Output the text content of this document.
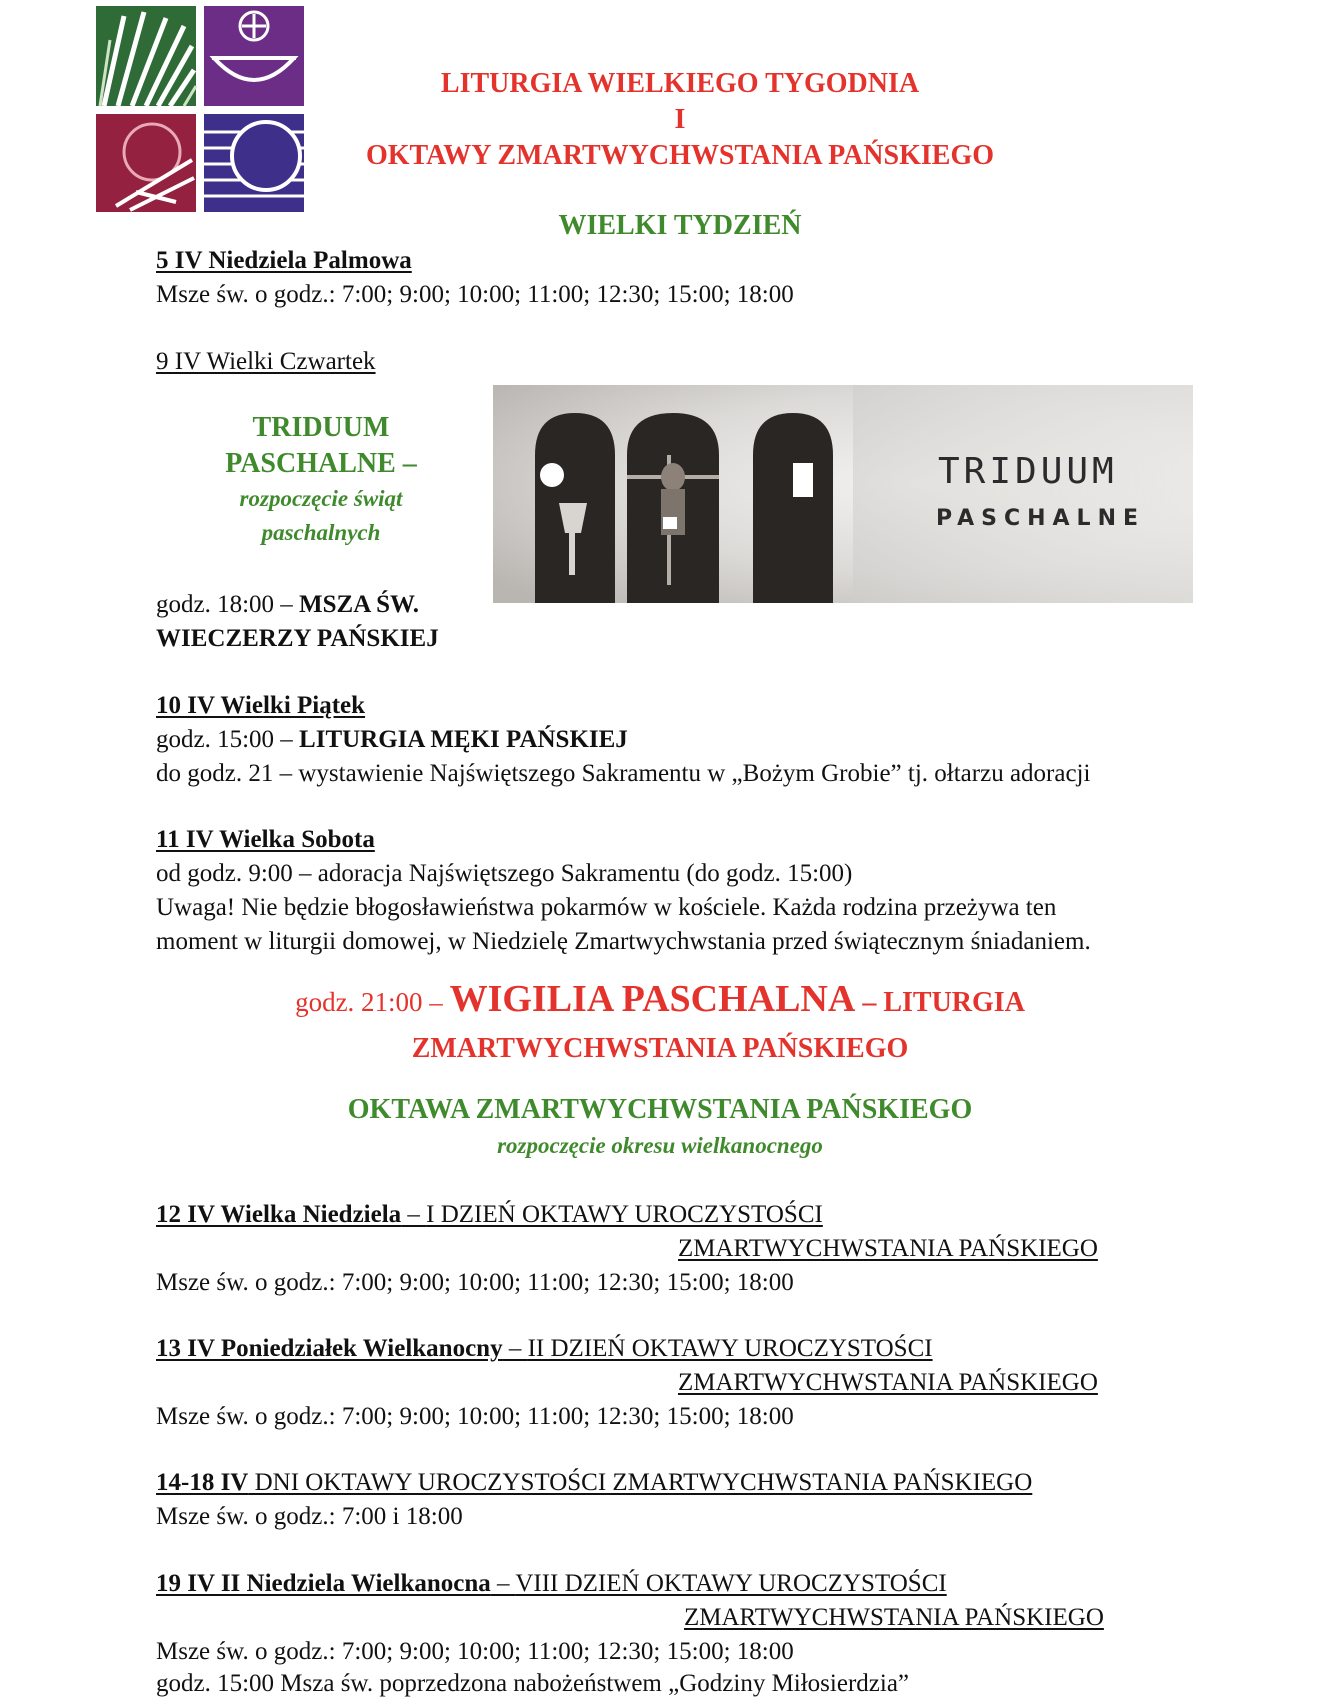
LITURGIA WIELKIEGO TYGODNIA
I
OKTAWY ZMARTWYCHWSTANIA PAŃSKIEGO
WIELKI TYDZIEŃ
5 IV Niedziela Palmowa
Msze św. o godz.: 7:00; 9:00; 10:00; 11:00; 12:30; 15:00; 18:00
9 IV Wielki Czwartek
TRIDUUM
PASCHALNE –
rozpoczęcie świąt
paschalnych
TRIDUUM
PASCHALNE
godz. 18:00 – MSZA ŚW.
WIECZERZY PAŃSKIEJ
10 IV Wielki Piątek
godz. 15:00 – LITURGIA MĘKI PAŃSKIEJ
do godz. 21 – wystawienie Najświętszego Sakramentu w „Bożym Grobie” tj. ołtarzu adoracji
11 IV Wielka Sobota
od godz. 9:00 – adoracja Najświętszego Sakramentu (do godz. 15:00)
Uwaga! Nie będzie błogosławieństwa pokarmów w kościele. Każda rodzina przeżywa ten
moment w liturgii domowej, w Niedzielę Zmartwychwstania przed świątecznym śniadaniem.
godz. 21:00 – WIGILIA PASCHALNA – LITURGIA
ZMARTWYCHWSTANIA PAŃSKIEGO
OKTAWA ZMARTWYCHWSTANIA PAŃSKIEGO
rozpoczęcie okresu wielkanocnego
12 IV Wielka Niedziela – I DZIEŃ OKTAWY UROCZYSTOŚCI
ZMARTWYCHWSTANIA PAŃSKIEGO
Msze św. o godz.: 7:00; 9:00; 10:00; 11:00; 12:30; 15:00; 18:00
13 IV Poniedziałek Wielkanocny – II DZIEŃ OKTAWY UROCZYSTOŚCI
ZMARTWYCHWSTANIA PAŃSKIEGO
Msze św. o godz.: 7:00; 9:00; 10:00; 11:00; 12:30; 15:00; 18:00
14-18 IV DNI OKTAWY UROCZYSTOŚCI ZMARTWYCHWSTANIA PAŃSKIEGO
Msze św. o godz.: 7:00 i 18:00
19 IV II Niedziela Wielkanocna – VIII DZIEŃ OKTAWY UROCZYSTOŚCI
ZMARTWYCHWSTANIA PAŃSKIEGO
Msze św. o godz.: 7:00; 9:00; 10:00; 11:00; 12:30; 15:00; 18:00
godz. 15:00 Msza św. poprzedzona nabożeństwem „Godziny Miłosierdzia”
